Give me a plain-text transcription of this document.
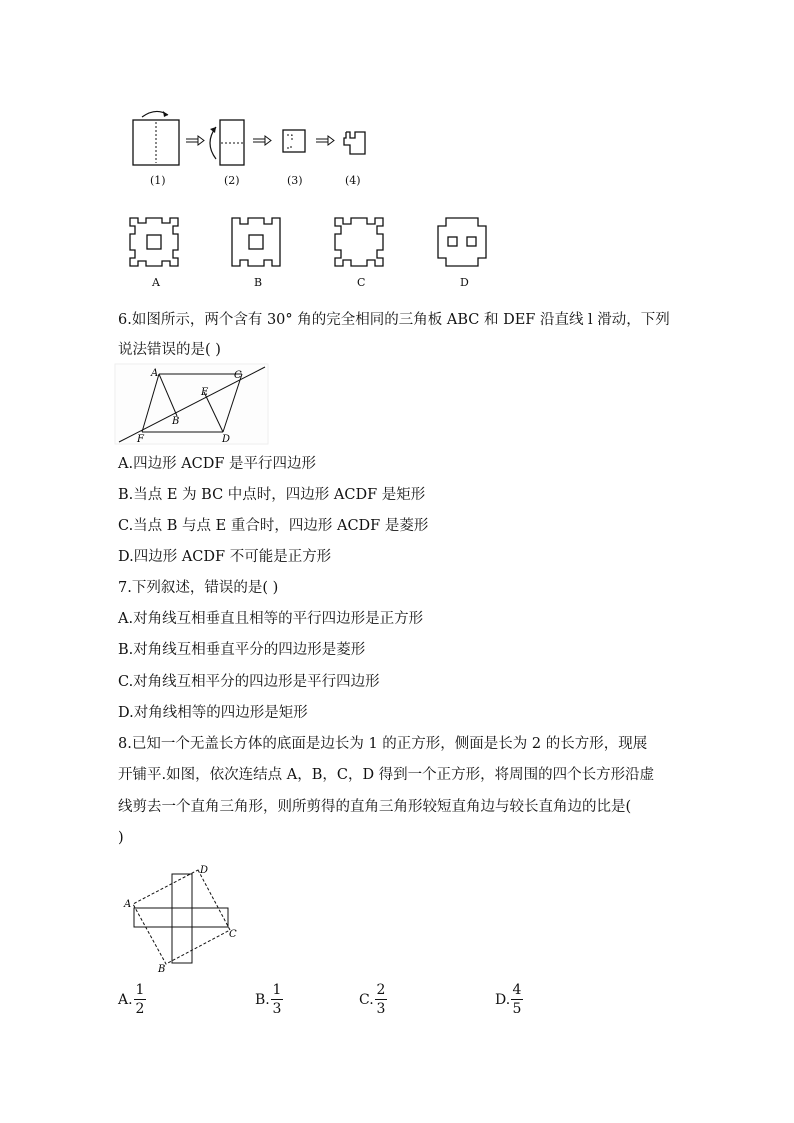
(1)	(2)	(3)	(4)
A	B	C	D
6.如图所示，两个含有 30° 角的完全相同的三角板 ABC 和 DEF 沿直线 l 滑动，下列
说法错误的是( )
A	C
E
B
F	D
A.四边形 ACDF 是平行四边形
B.当点 E 为 BC 中点时，四边形 ACDF 是矩形
C.当点 B 与点 E 重合时，四边形 ACDF 是菱形
D.四边形 ACDF 不可能是正方形
7.下列叙述，错误的是( )
A.对角线互相垂直且相等的平行四边形是正方形
B.对角线互相垂直平分的四边形是菱形
C.对角线互相平分的四边形是平行四边形
D.对角线相等的四边形是矩形
8.已知一个无盖长方体的底面是边长为 1 的正方形，侧面是长为 2 的长方形，现展
开铺平.如图，依次连结点 A，B，C，D 得到一个正方形，将周围的四个长方形沿虚
线剪去一个直角三角形，则所剪得的直角三角形较短直角边与较长直角边的比是(
)
D
A
C
B
A.
1
2
B.
1
3
C.
2
3
D.
4
5
